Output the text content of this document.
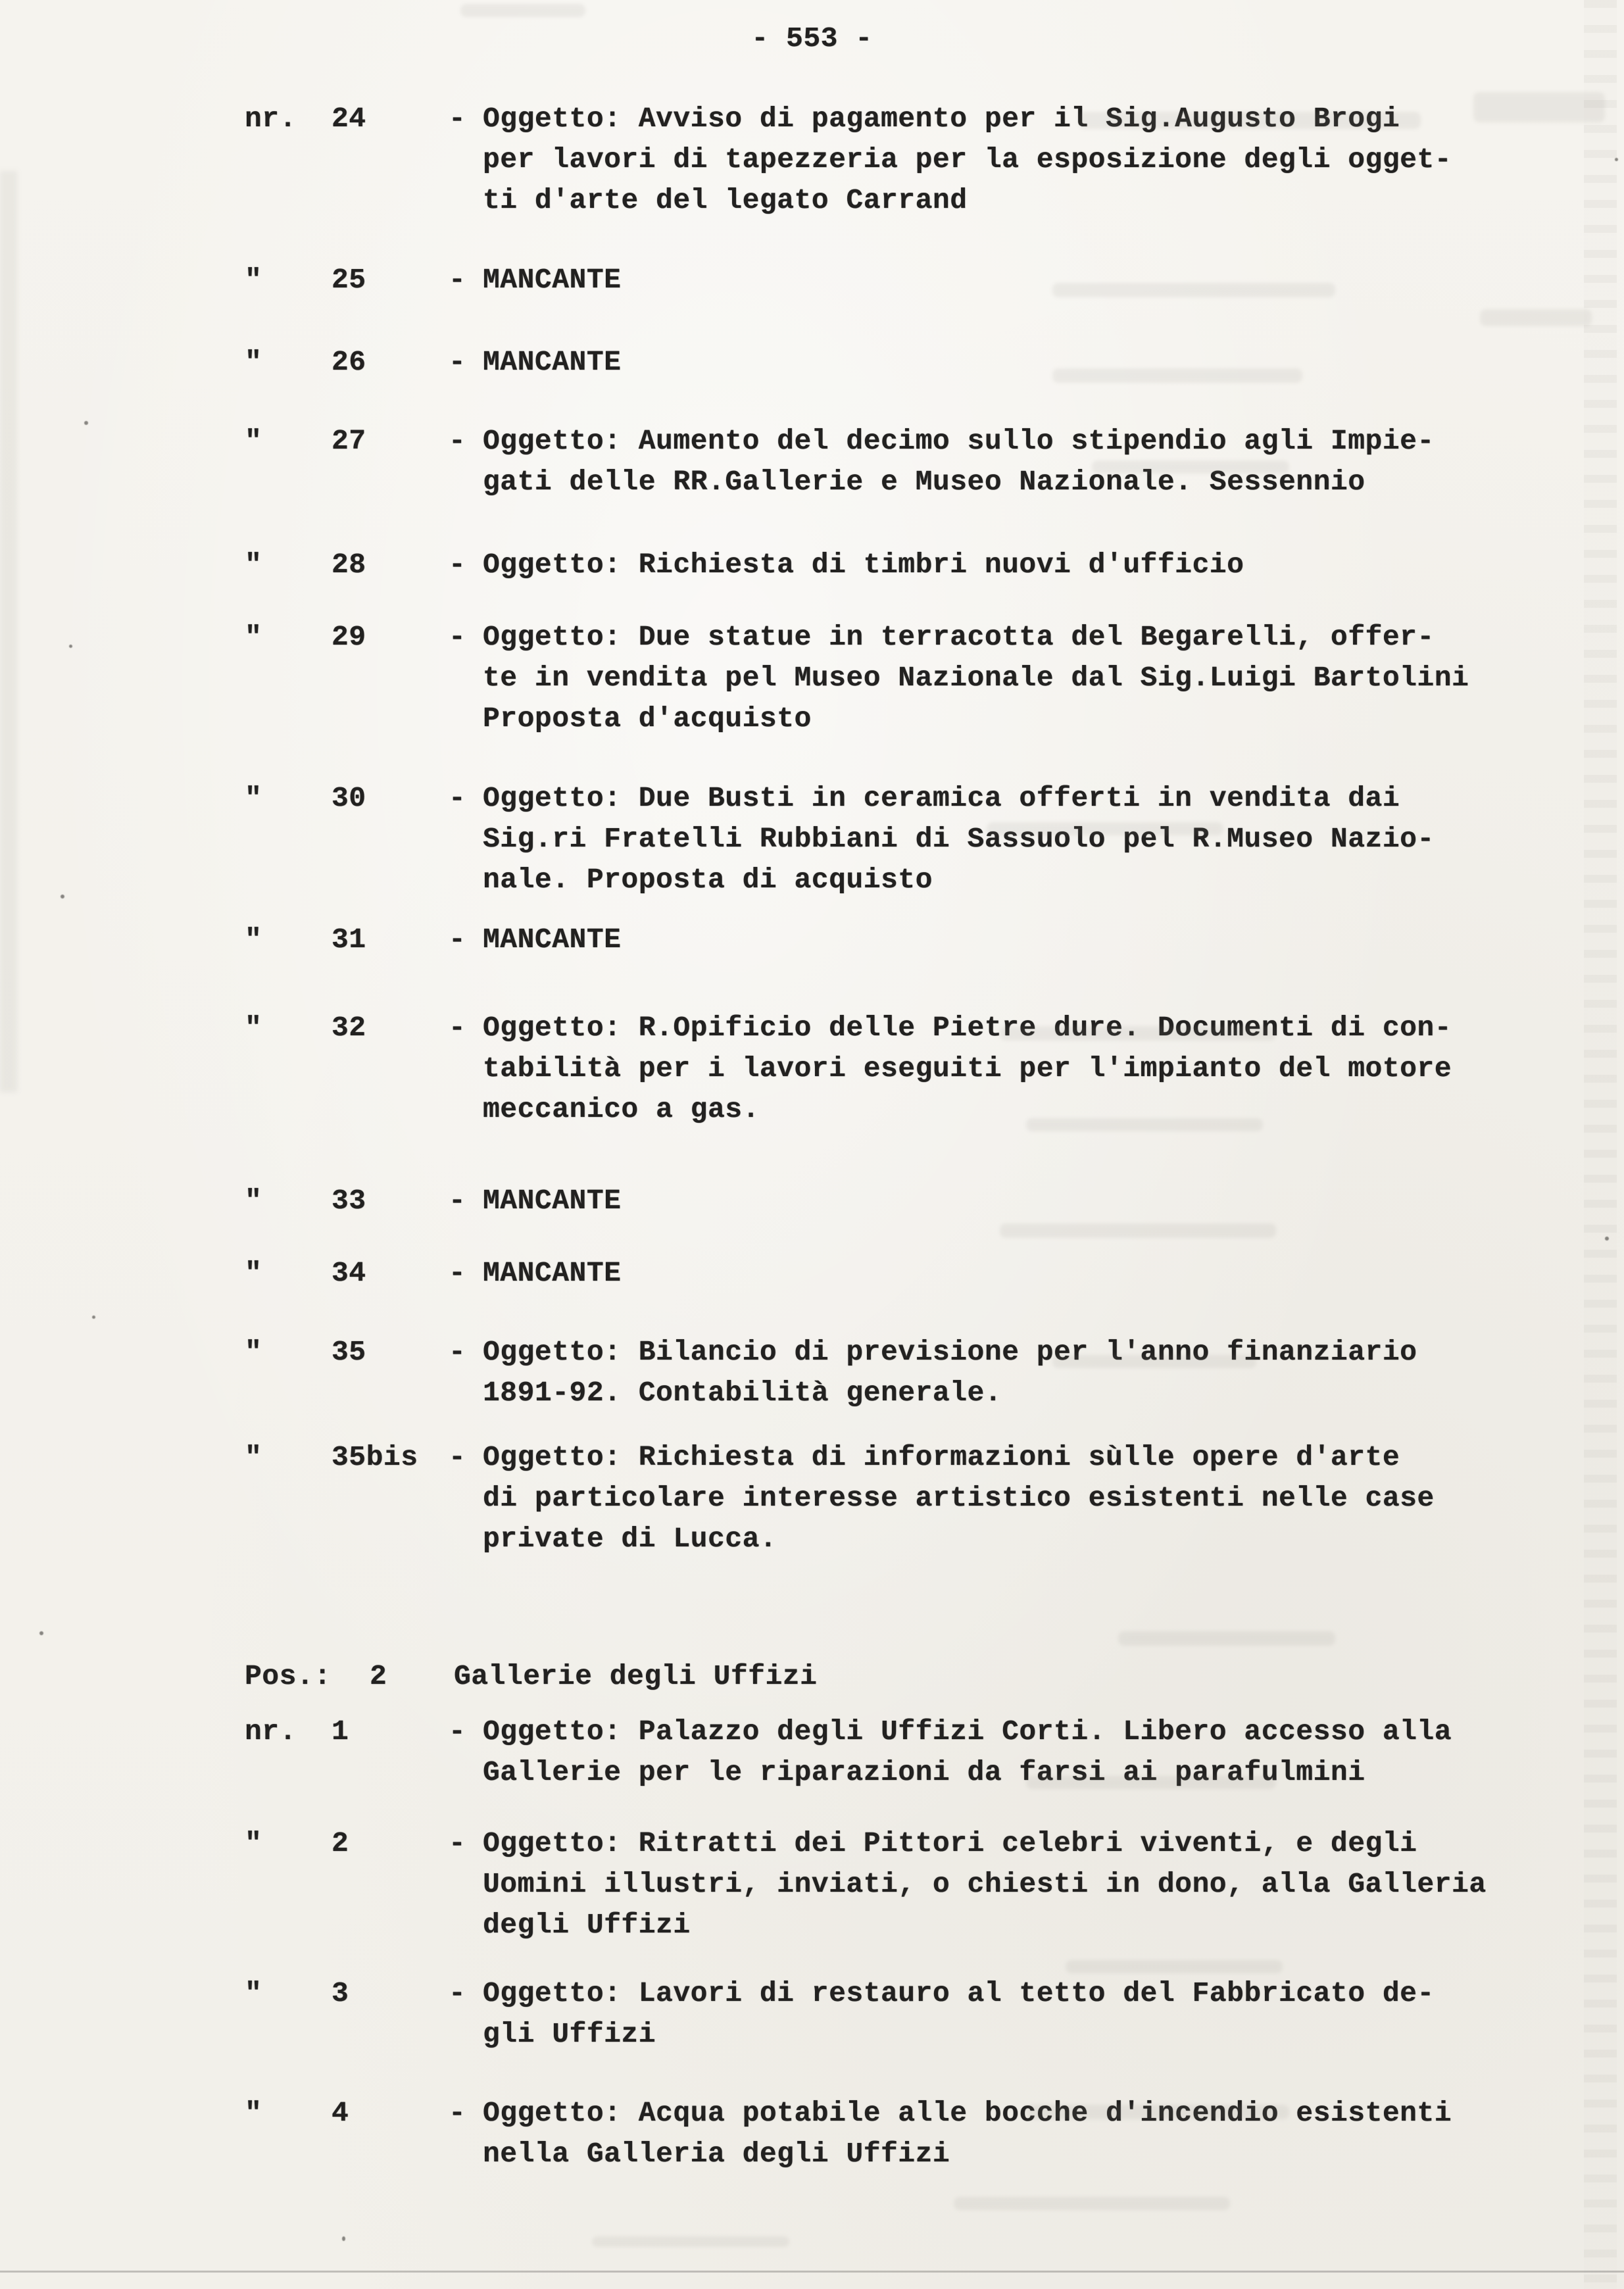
- 553 -
nr.	24	- Oggetto: Avviso di pagamento per il Sig.Augusto Brogi
per lavori di tapezzeria per la esposizione degli ogget-
ti d'arte del legato Carrand
"	25	- MANCANTE
"	26	- MANCANTE
"	27	- Oggetto: Aumento del decimo sullo stipendio agli Impie-
gati delle RR.Gallerie e Museo Nazionale. Sessennio
"	28	- Oggetto: Richiesta di timbri nuovi d'ufficio
"	29	- Oggetto: Due statue in terracotta del Begarelli, offer-
te in vendita pel Museo Nazionale dal Sig.Luigi Bartolini
Proposta d'acquisto
"	30	- Oggetto: Due Busti in ceramica offerti in vendita dai
Sig.ri Fratelli Rubbiani di Sassuolo pel R.Museo Nazio-
nale. Proposta di acquisto
"	31	- MANCANTE
"	32	- Oggetto: R.Opificio delle Pietre dure. Documenti di con-
tabilità per i lavori eseguiti per l'impianto del motore
meccanico a gas.
"	33	- MANCANTE
"	34	- MANCANTE
"	35	- Oggetto: Bilancio di previsione per l'anno finanziario
1891-92. Contabilità generale.
"	35bis	- Oggetto: Richiesta di informazioni sùlle opere d'arte
di particolare interesse artistico esistenti nelle case
private di Lucca.
nr.	1	- Oggetto: Palazzo degli Uffizi Corti. Libero accesso alla
Gallerie per le riparazioni da farsi ai parafulmini
"	2	- Oggetto: Ritratti dei Pittori celebri viventi, e degli
Uomini illustri, inviati, o chiesti in dono, alla Galleria
degli Uffizi
"	3	- Oggetto: Lavori di restauro al tetto del Fabbricato de-
gli Uffizi
"	4	- Oggetto: Acqua potabile alle bocche d'incendio esistenti
nella Galleria degli Uffizi
Pos.:	2	Gallerie degli Uffizi
